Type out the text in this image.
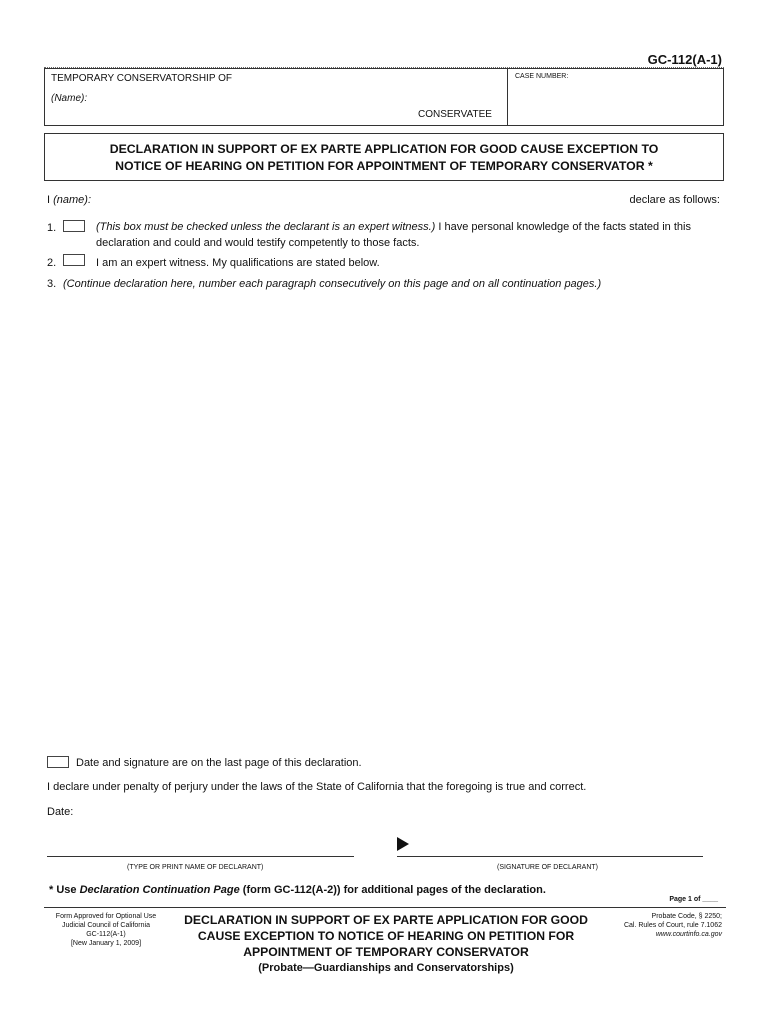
GC-112(A-1)
TEMPORARY CONSERVATORSHIP OF
(Name):
CONSERVATEE
CASE NUMBER:
DECLARATION IN SUPPORT OF EX PARTE APPLICATION FOR GOOD CAUSE EXCEPTION TO
NOTICE OF HEARING ON PETITION FOR APPOINTMENT OF TEMPORARY CONSERVATOR *
I (name):	declare as follows:
1.	(This box must be checked unless the declarant is an expert witness.) I have personal knowledge of the facts stated in this
declaration and could and would testify competently to those facts.
2.	I am an expert witness. My qualifications are stated below.
3. (Continue declaration here, number each paragraph consecutively on this page and on all continuation pages.)
Date and signature are on the last page of this declaration.
I declare under penalty of perjury under the laws of the State of California that the foregoing is true and correct.
Date:
(TYPE OR PRINT NAME OF DECLARANT)	(SIGNATURE OF DECLARANT)
* Use Declaration Continuation Page (form GC-112(A-2)) for additional pages of the declaration.
Page 1 of ____
Form Approved for Optional Use
Judicial Council of California
GC-112(A-1)
[New January 1, 2009]
DECLARATION IN SUPPORT OF EX PARTE APPLICATION FOR GOOD
CAUSE EXCEPTION TO NOTICE OF HEARING ON PETITION FOR
APPOINTMENT OF TEMPORARY CONSERVATOR
(Probate—Guardianships and Conservatorships)
Probate Code, § 2250;
Cal. Rules of Court, rule 7.1062
www.courtinfo.ca.gov
